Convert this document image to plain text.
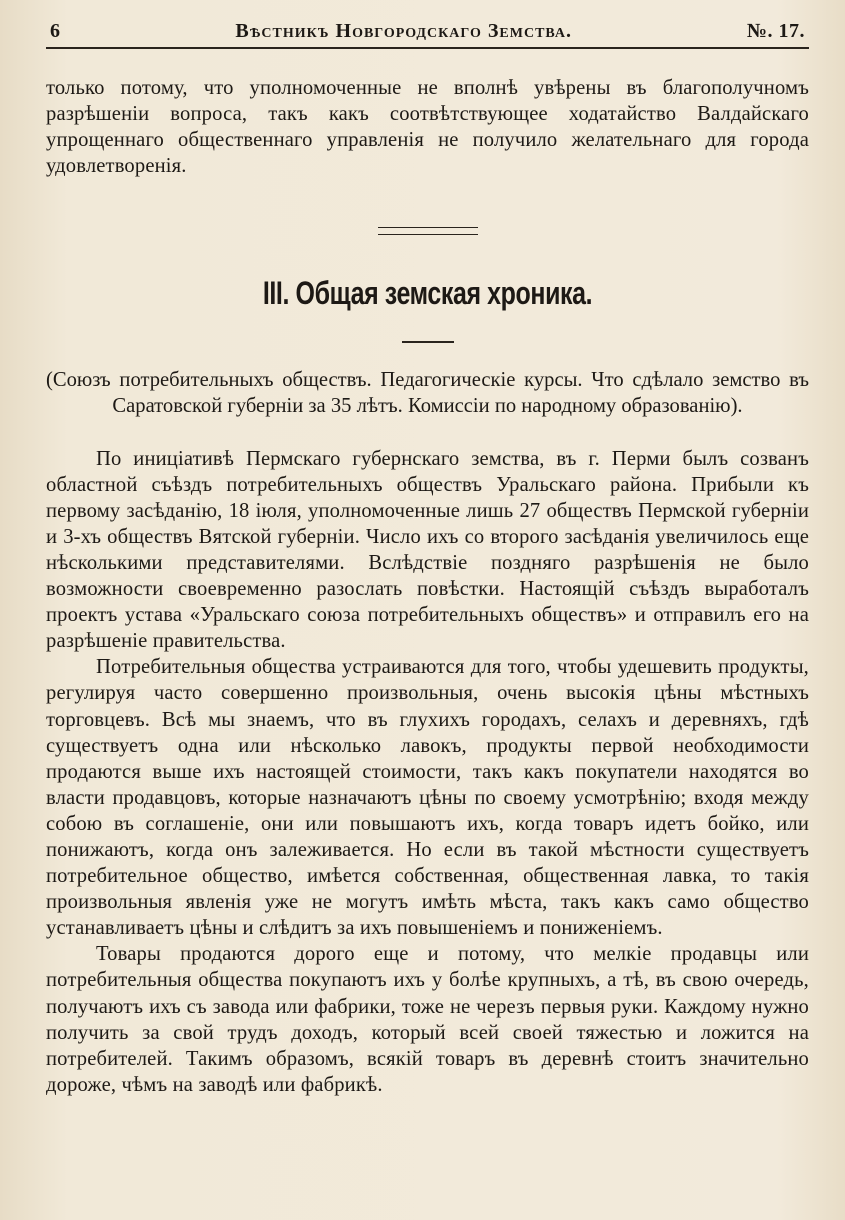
6	Вѣстникъ Новгородскаго Земства.	№. 17.

только потому, что уполномоченные не вполнѣ увѣрены въ благополучномъ разрѣшеніи вопроса, такъ какъ соотвѣтствующее ходатайство Валдайскаго упрощеннаго общественнаго управленія не получило желательнаго для города удовлетворенія.

III. Общая земская хроника.

(Союзъ потребительныхъ обществъ. Педагогическіе курсы. Что сдѣлало земство въ Саратовской губерніи за 35 лѣтъ. Комиссіи по народному образованію).

По иниціативѣ Пермскаго губернскаго земства, въ г. Перми былъ созванъ областной съѣздъ потребительныхъ обществъ Уральскаго района. Прибыли къ первому засѣданію, 18 іюля, уполномоченные лишь 27 обществъ Пермской губерніи и 3-хъ обществъ Вятской губерніи. Число ихъ со второго засѣданія увеличилось еще нѣсколькими представителями. Вслѣдствіе поздняго разрѣшенія не было возможности своевременно разослать повѣстки. Настоящій съѣздъ выработалъ проектъ устава «Уральскаго союза потребительныхъ обществъ» и отправилъ его на разрѣшеніе правительства.

Потребительныя общества устраиваются для того, чтобы удешевить продукты, регулируя часто совершенно произвольныя, очень высокія цѣны мѣстныхъ торговцевъ. Всѣ мы знаемъ, что въ глухихъ городахъ, селахъ и деревняхъ, гдѣ существуетъ одна или нѣсколько лавокъ, продукты первой необходимости продаются выше ихъ настоящей стоимости, такъ какъ покупатели находятся во власти продавцовъ, которые назначаютъ цѣны по своему усмотрѣнію; входя между собою въ соглашеніе, они или повышаютъ ихъ, когда товаръ идетъ бойко, или понижаютъ, когда онъ залеживается. Но если въ такой мѣстности существуетъ потребительное общество, имѣется собственная, общественная лавка, то такія произвольныя явленія уже не могутъ имѣть мѣста, такъ какъ само общество устанавливаетъ цѣны и слѣдитъ за ихъ повышеніемъ и пониженіемъ.

Товары продаются дорого еще и потому, что мелкіе продавцы или потребительныя общества покупаютъ ихъ у болѣе крупныхъ, а тѣ, въ свою очередь, получаютъ ихъ съ завода или фабрики, тоже не черезъ первыя руки. Каждому нужно получить за свой трудъ доходъ, который всей своей тяжестью и ложится на потребителей. Такимъ образомъ, всякій товаръ въ деревнѣ стоитъ значительно дороже, чѣмъ на заводѣ или фабрикѣ.
